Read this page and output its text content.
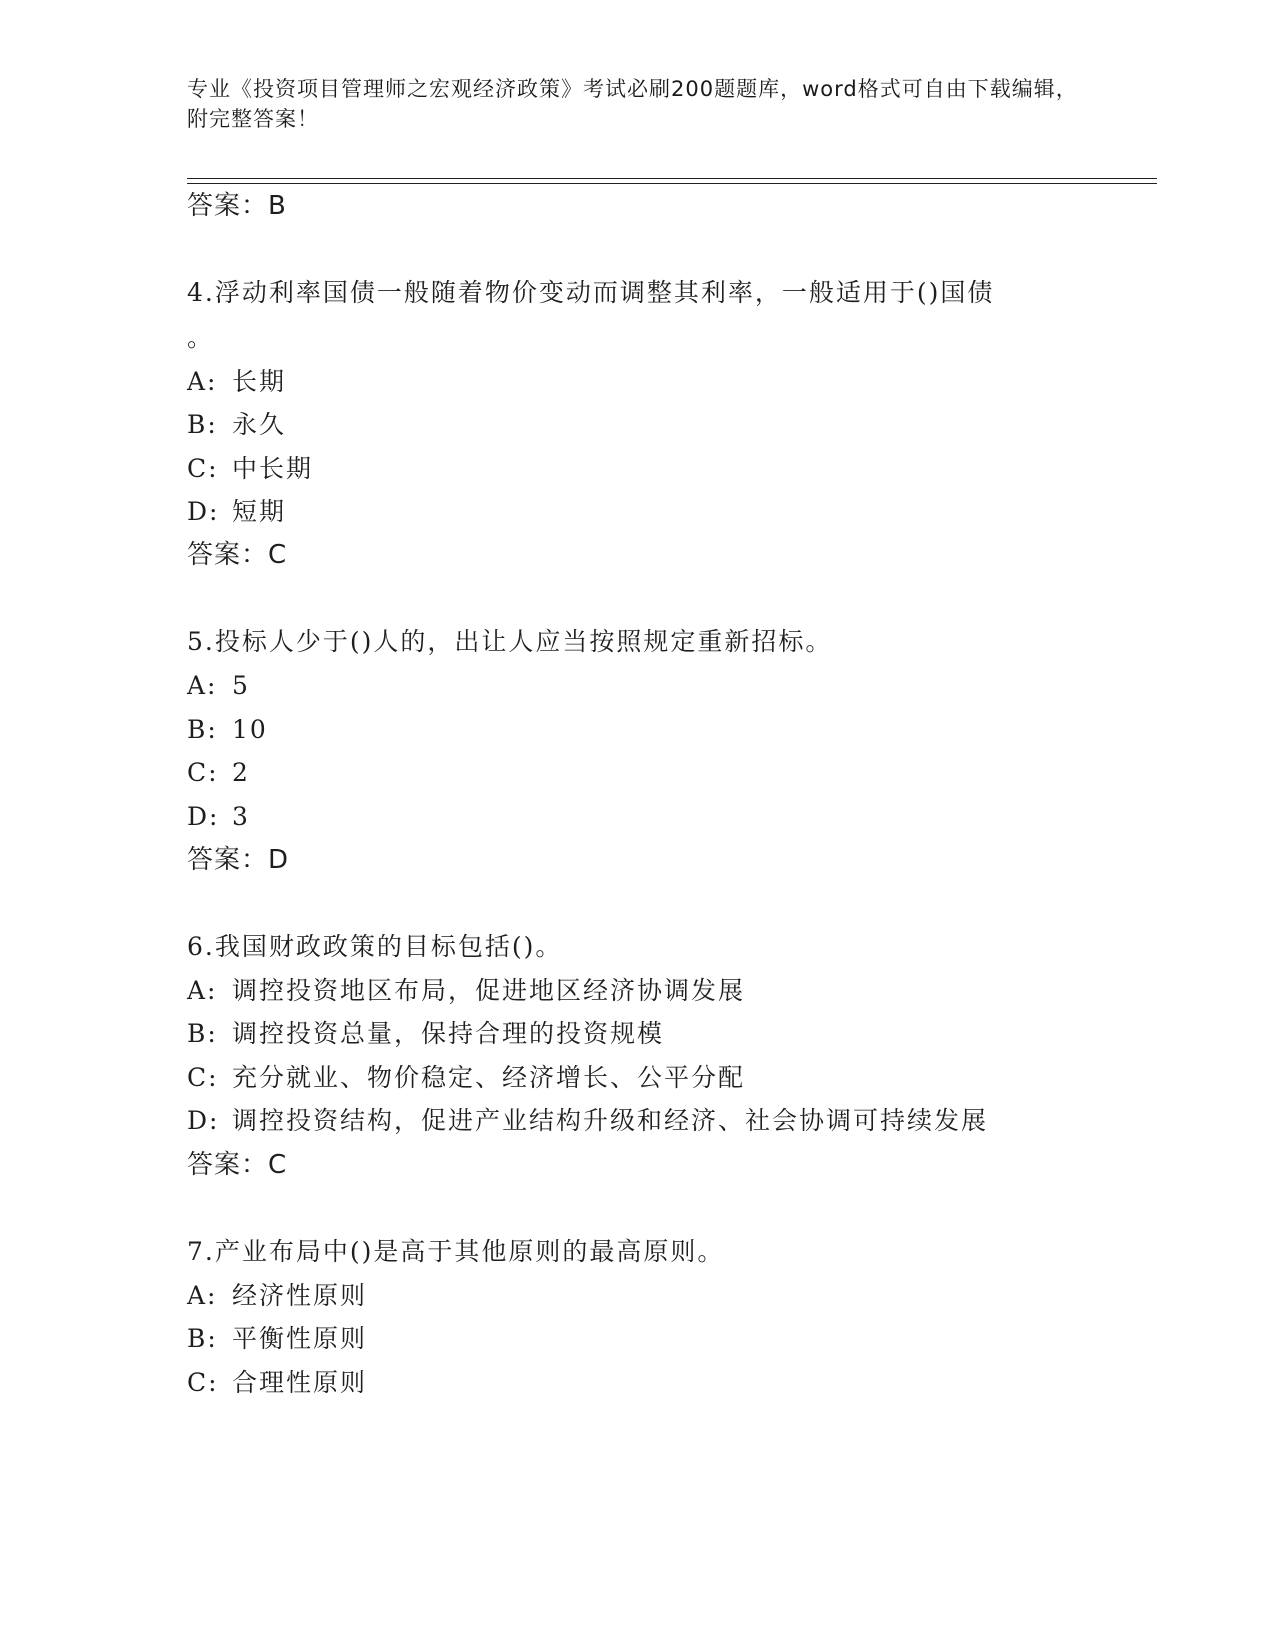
专业《投资项目管理师之宏观经济政策》考试必刷200题题库，word格式可自由下载编辑，附完整答案！
答案：B
4.浮动利率国债一般随着物价变动而调整其利率，一般适用于()国债
。
A: 长期
B: 永久
C: 中长期
D: 短期
答案：C
5.投标人少于()人的，出让人应当按照规定重新招标。
A: 5
B: 10
C: 2
D: 3
答案：D
6.我国财政政策的目标包括()。
A: 调控投资地区布局，促进地区经济协调发展
B: 调控投资总量，保持合理的投资规模
C: 充分就业、物价稳定、经济增长、公平分配
D: 调控投资结构，促进产业结构升级和经济、社会协调可持续发展
答案：C
7.产业布局中()是高于其他原则的最高原则。
A: 经济性原则
B: 平衡性原则
C: 合理性原则
